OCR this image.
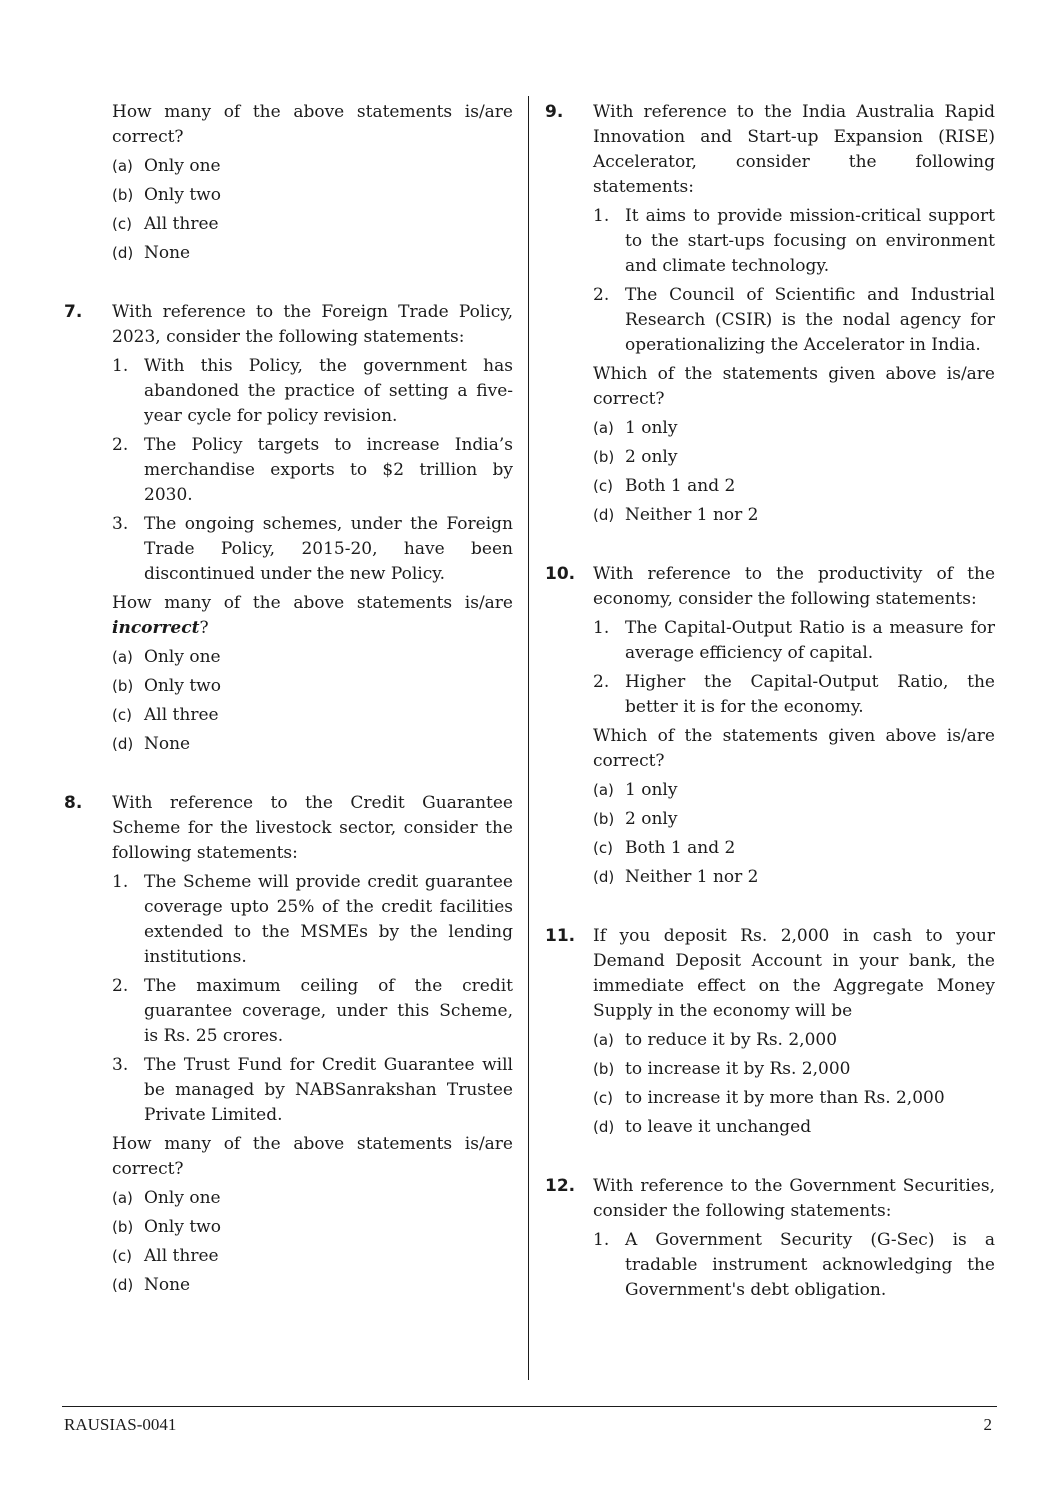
How many of the above statements is/are correct?
(a) Only one
(b) Only two
(c) All three
(d) None
7. With reference to the Foreign Trade Policy, 2023, consider the following statements:
1. With this Policy, the government has abandoned the practice of setting a five-year cycle for policy revision.
2. The Policy targets to increase India’s merchandise exports to $2 trillion by 2030.
3. The ongoing schemes, under the Foreign Trade Policy, 2015-20, have been discontinued under the new Policy.
How many of the above statements is/are incorrect?
(a) Only one
(b) Only two
(c) All three
(d) None
8. With reference to the Credit Guarantee Scheme for the livestock sector, consider the following statements:
1. The Scheme will provide credit guarantee coverage upto 25% of the credit facilities extended to the MSMEs by the lending institutions.
2. The maximum ceiling of the credit guarantee coverage, under this Scheme, is Rs. 25 crores.
3. The Trust Fund for Credit Guarantee will be managed by NABSanrakshan Trustee Private Limited.
How many of the above statements is/are correct?
(a) Only one
(b) Only two
(c) All three
(d) None
9. With reference to the India Australia Rapid Innovation and Start-up Expansion (RISE) Accelerator, consider the following statements:
1. It aims to provide mission-critical support to the start-ups focusing on environment and climate technology.
2. The Council of Scientific and Industrial Research (CSIR) is the nodal agency for operationalizing the Accelerator in India.
Which of the statements given above is/are correct?
(a) 1 only
(b) 2 only
(c) Both 1 and 2
(d) Neither 1 nor 2
10. With reference to the productivity of the economy, consider the following statements:
1. The Capital-Output Ratio is a measure for average efficiency of capital.
2. Higher the Capital-Output Ratio, the better it is for the economy.
Which of the statements given above is/are correct?
(a) 1 only
(b) 2 only
(c) Both 1 and 2
(d) Neither 1 nor 2
11. If you deposit Rs. 2,000 in cash to your Demand Deposit Account in your bank, the immediate effect on the Aggregate Money Supply in the economy will be
(a) to reduce it by Rs. 2,000
(b) to increase it by Rs. 2,000
(c) to increase it by more than Rs. 2,000
(d) to leave it unchanged
12. With reference to the Government Securities, consider the following statements:
1. A Government Security (G-Sec) is a tradable instrument acknowledging the Government's debt obligation.
RAUSIAS-0041	2
